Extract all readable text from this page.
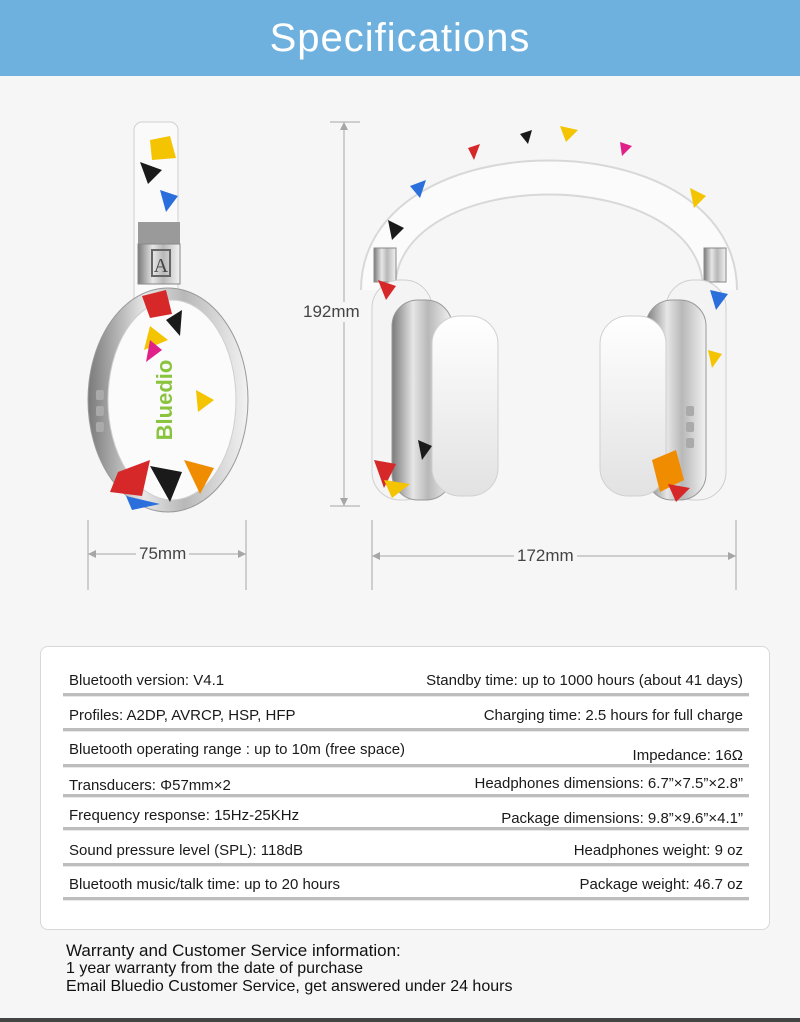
Specifications
Bluedio
A
192mm
75mm	172mm
Bluetooth version: V4.1	Standby time: up to 1000 hours (about 41 days)
Profiles: A2DP, AVRCP, HSP, HFP	Charging time: 2.5 hours for full charge
Bluetooth operating range : up to 10m (free space)	Impedance: 16Ω
Transducers: Φ57mm×2	Headphones dimensions: 6.7”×7.5”×2.8”
Frequency response: 15Hz-25KHz	Package dimensions: 9.8”×9.6”×4.1”
Sound pressure level (SPL): 118dB	Headphones weight: 9 oz
Bluetooth music/talk time: up to 20 hours	Package weight: 46.7 oz
Warranty and Customer Service information:
1 year warranty from the date of purchase
Email Bluedio Customer Service, get answered under 24 hours
